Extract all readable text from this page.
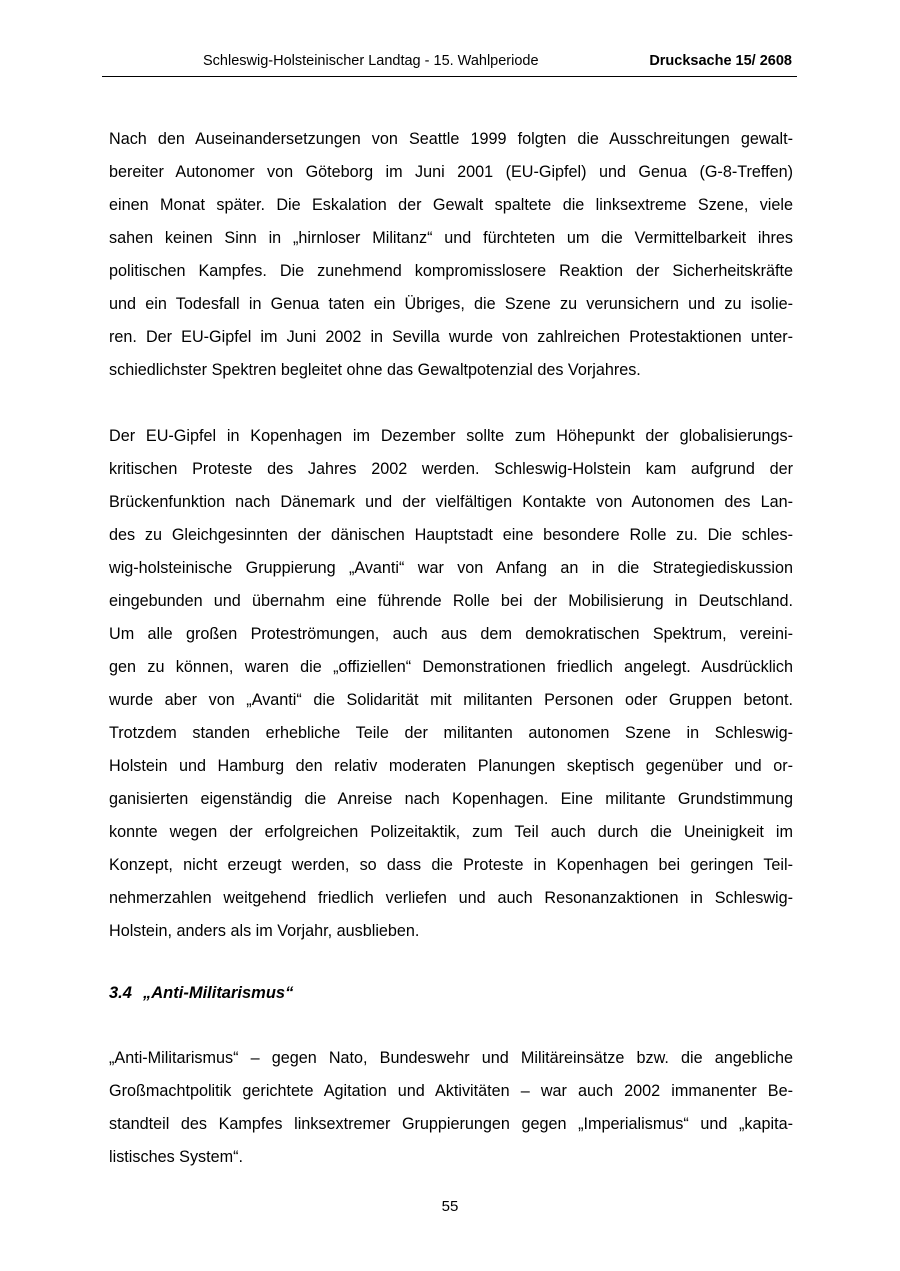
Schleswig-Holsteinischer Landtag - 15. Wahlperiode	Drucksache 15/ 2608
Nach den Auseinandersetzungen von Seattle 1999 folgten die Ausschreitungen gewalt-
bereiter Autonomer von Göteborg im Juni 2001 (EU-Gipfel) und Genua (G-8-Treffen)
einen Monat später. Die Eskalation der Gewalt spaltete die linksextreme Szene, viele
sahen keinen Sinn in „hirnloser Militanz“ und fürchteten um die Vermittelbarkeit ihres
politischen Kampfes. Die zunehmend kompromisslosere Reaktion der Sicherheitskräfte
und ein Todesfall in Genua taten ein Übriges, die Szene zu verunsichern und zu isolie-
ren. Der EU-Gipfel im Juni 2002 in Sevilla wurde von zahlreichen Protestaktionen unter-
schiedlichster Spektren begleitet ohne das Gewaltpotenzial des Vorjahres.
Der EU-Gipfel in Kopenhagen im Dezember sollte zum Höhepunkt der globalisierungs-
kritischen Proteste des Jahres 2002 werden. Schleswig-Holstein kam aufgrund der
Brückenfunktion nach Dänemark und der vielfältigen Kontakte von Autonomen des Lan-
des zu Gleichgesinnten der dänischen Hauptstadt eine besondere Rolle zu. Die schles-
wig-holsteinische Gruppierung „Avanti“ war von Anfang an in die Strategiediskussion
eingebunden und übernahm eine führende Rolle bei der Mobilisierung in Deutschland.
Um alle großen Proteströmungen, auch aus dem demokratischen Spektrum, vereini-
gen zu können, waren die „offiziellen“ Demonstrationen friedlich angelegt. Ausdrücklich
wurde aber von „Avanti“ die Solidarität mit militanten Personen oder Gruppen betont.
Trotzdem standen erhebliche Teile der militanten autonomen Szene in Schleswig-
Holstein und Hamburg den relativ moderaten Planungen skeptisch gegenüber und or-
ganisierten eigenständig die Anreise nach Kopenhagen. Eine militante Grundstimmung
konnte wegen der erfolgreichen Polizeitaktik, zum Teil auch durch die Uneinigkeit im
Konzept, nicht erzeugt werden, so dass die Proteste in Kopenhagen bei geringen Teil-
nehmerzahlen weitgehend friedlich verliefen und auch Resonanzaktionen in Schleswig-
Holstein, anders als im Vorjahr, ausblieben.
3.4 „Anti-Militarismus“
„Anti-Militarismus“ – gegen Nato, Bundeswehr und Militäreinsätze bzw. die angebliche
Großmachtpolitik gerichtete Agitation und Aktivitäten – war auch 2002 immanenter Be-
standteil des Kampfes linksextremer Gruppierungen gegen „Imperialismus“ und „kapita-
listisches System“.
55
